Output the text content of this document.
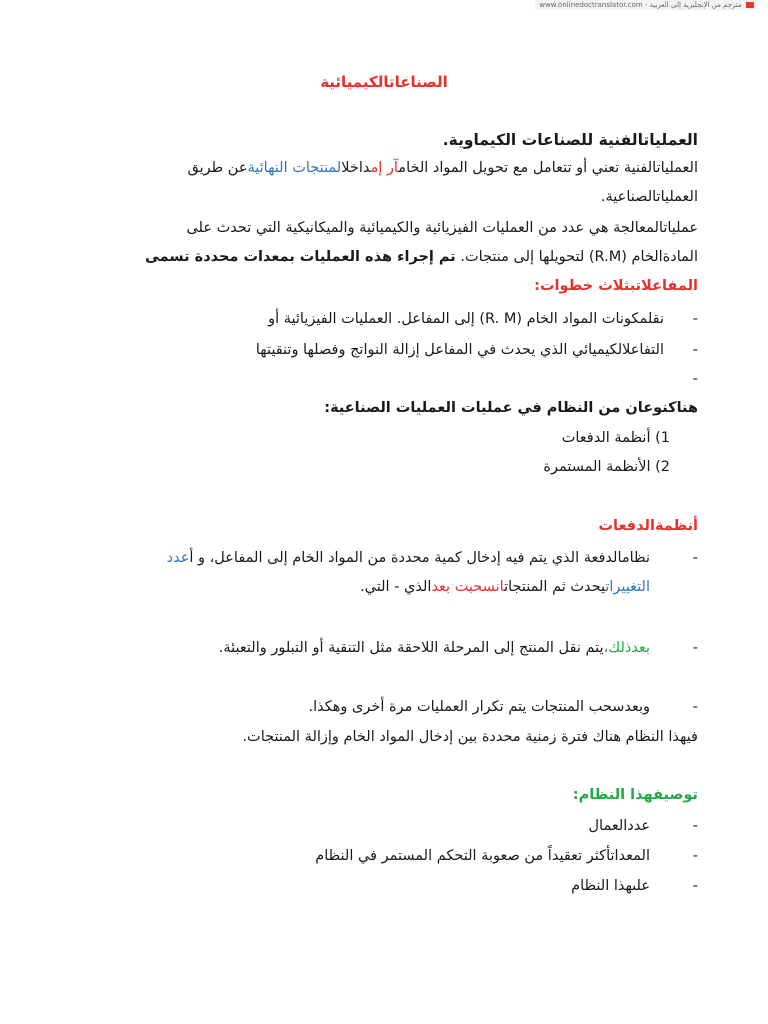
www.onlinedoctranslator.com - مترجم من الإنجليزية إلى العربية
الصناعاتالكيميائية
العملياتالفنية للصناعات الكيماوية.
العملياتالفنية تعني أو تتعامل مع تحويل المواد الخامآر إمداخلالمنتجات النهائيةعن طريق
العملياتالصناعية.
عملياتالمعالجة هي عدد من العمليات الفيزيائية والكيميائية والميكانيكية التي تحدث على
المادةالخام (R.M) لتحويلها إلى منتجات. تم إجراء هذه العمليات بمعدات محددة تسمى
المفاعلاتبثلاث خطوات:
-
نقلمكونات المواد الخام (R. M) إلى المفاعل. العمليات الفيزيائية أو
-
التفاعلالكيميائي الذي يحدث في المفاعل إزالة النواتج وفصلها وتنقيتها
-
هناكنوعان من النظام في عمليات العمليات الصناعية:
1) أنظمة الدفعات
2) الأنظمة المستمرة
أنظمةالدفعات
-
نظامالدفعة الذي يتم فيه إدخال كمية محددة من المواد الخام إلى المفاعل، و أعدد
التغييراتيحدث ثم المنتجاتانسحبت بعدالذي - التي.
-
بعدذلك،يتم نقل المنتج إلى المرحلة اللاحقة مثل التنقية أو التبلور والتعبئة.
-
وبعدسحب المنتجات يتم تكرار العمليات مرة أخرى وهكذا.
فيهذا النظام هناك فترة زمنية محددة بين إدخال المواد الخام وإزالة المنتجات.
توصيفهذا النظام:
-
عددالعمال
-
المعداتأكثر تعقيداً من صعوبة التحكم المستمر في النظام
-
علىهذا النظام
